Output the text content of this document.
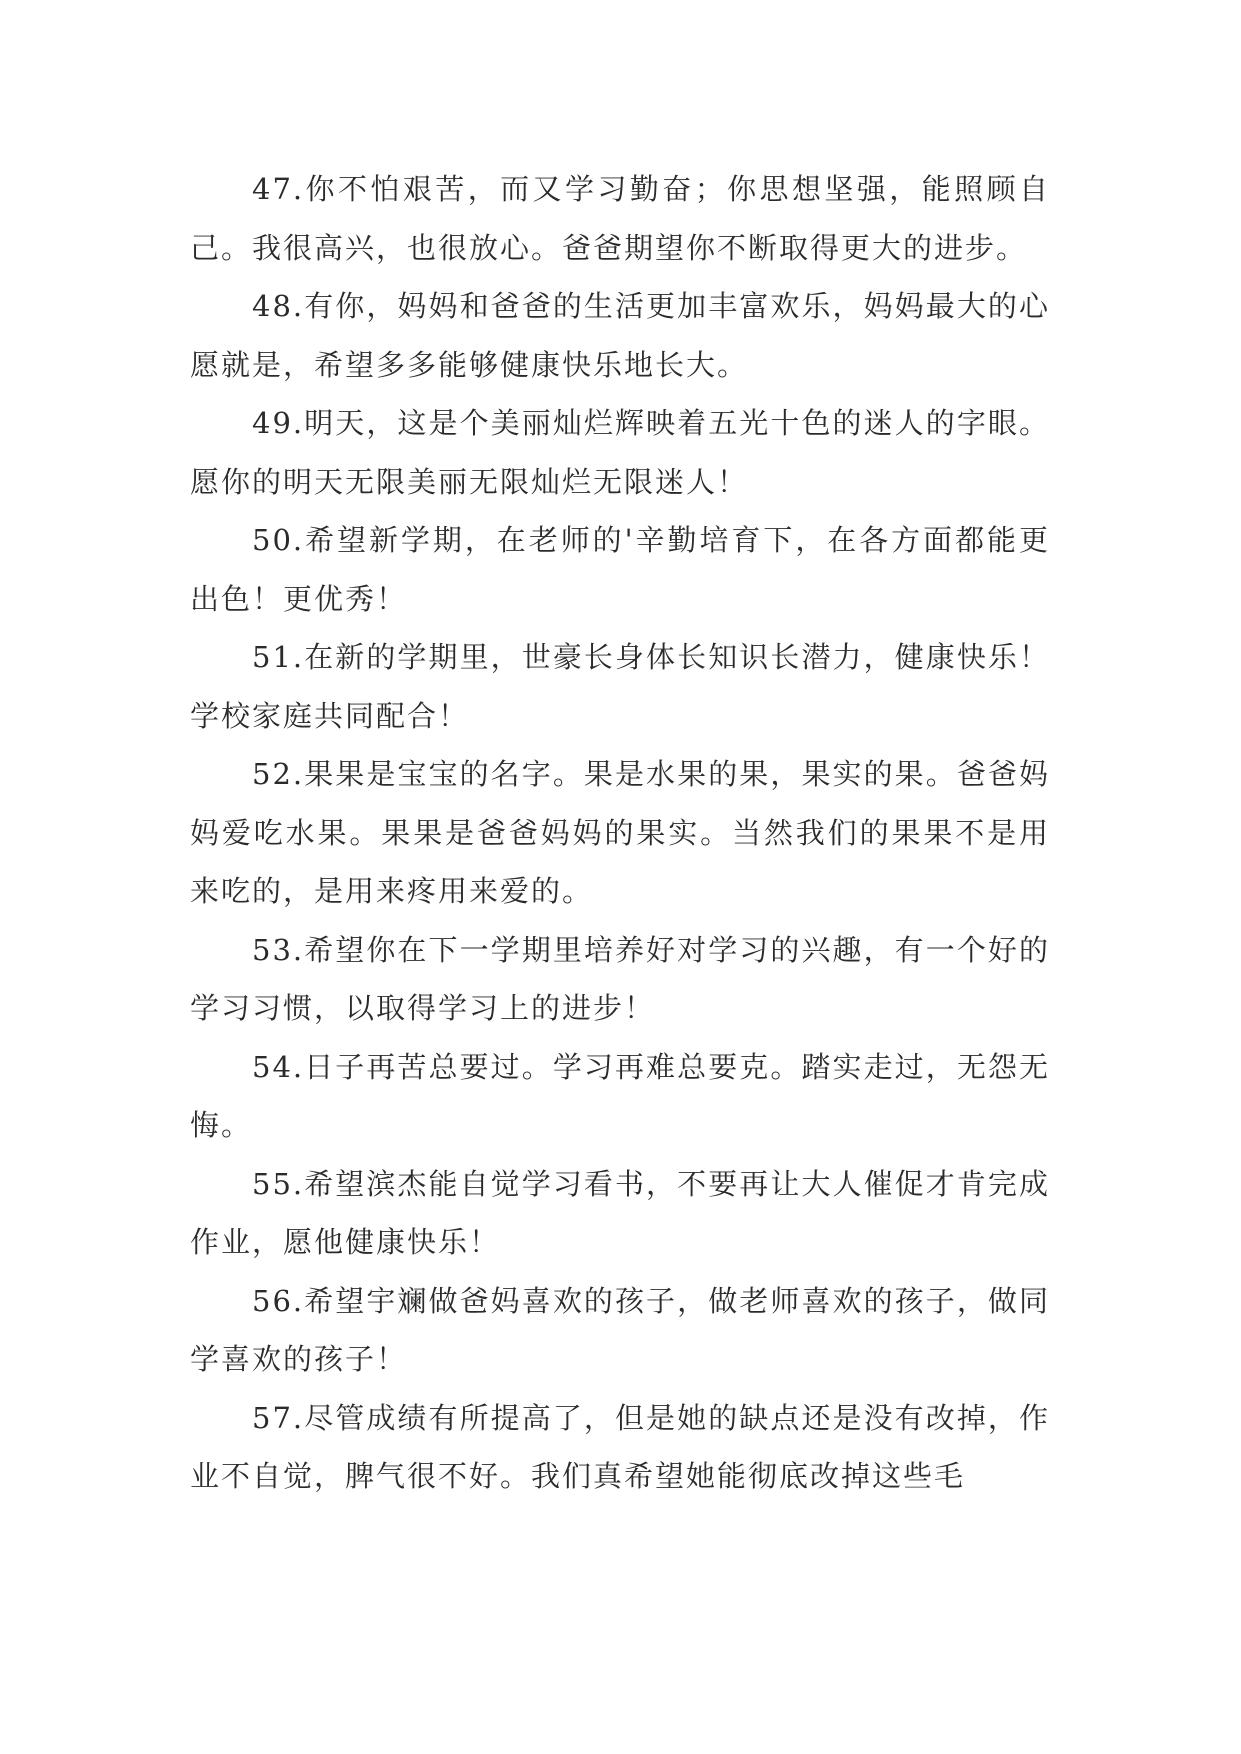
47.你不怕艰苦，而又学习勤奋；你思想坚强，能照顾自己。我很高兴，也很放心。爸爸期望你不断取得更大的进步。

48.有你，妈妈和爸爸的生活更加丰富欢乐，妈妈最大的心愿就是，希望多多能够健康快乐地长大。

49.明天，这是个美丽灿烂辉映着五光十色的迷人的字眼。愿你的明天无限美丽无限灿烂无限迷人！

50.希望新学期，在老师的'辛勤培育下，在各方面都能更出色！更优秀！

51.在新的学期里，世豪长身体长知识长潜力，健康快乐！学校家庭共同配合！

52.果果是宝宝的名字。果是水果的果，果实的果。爸爸妈妈爱吃水果。果果是爸爸妈妈的果实。当然我们的果果不是用来吃的，是用来疼用来爱的。

53.希望你在下一学期里培养好对学习的兴趣，有一个好的学习习惯，以取得学习上的进步！

54.日子再苦总要过。学习再难总要克。踏实走过，无怨无悔。

55.希望滨杰能自觉学习看书，不要再让大人催促才肯完成作业，愿他健康快乐！

56.希望宇斓做爸妈喜欢的孩子，做老师喜欢的孩子，做同学喜欢的孩子！

57.尽管成绩有所提高了，但是她的缺点还是没有改掉，作业不自觉，脾气很不好。我们真希望她能彻底改掉这些毛
